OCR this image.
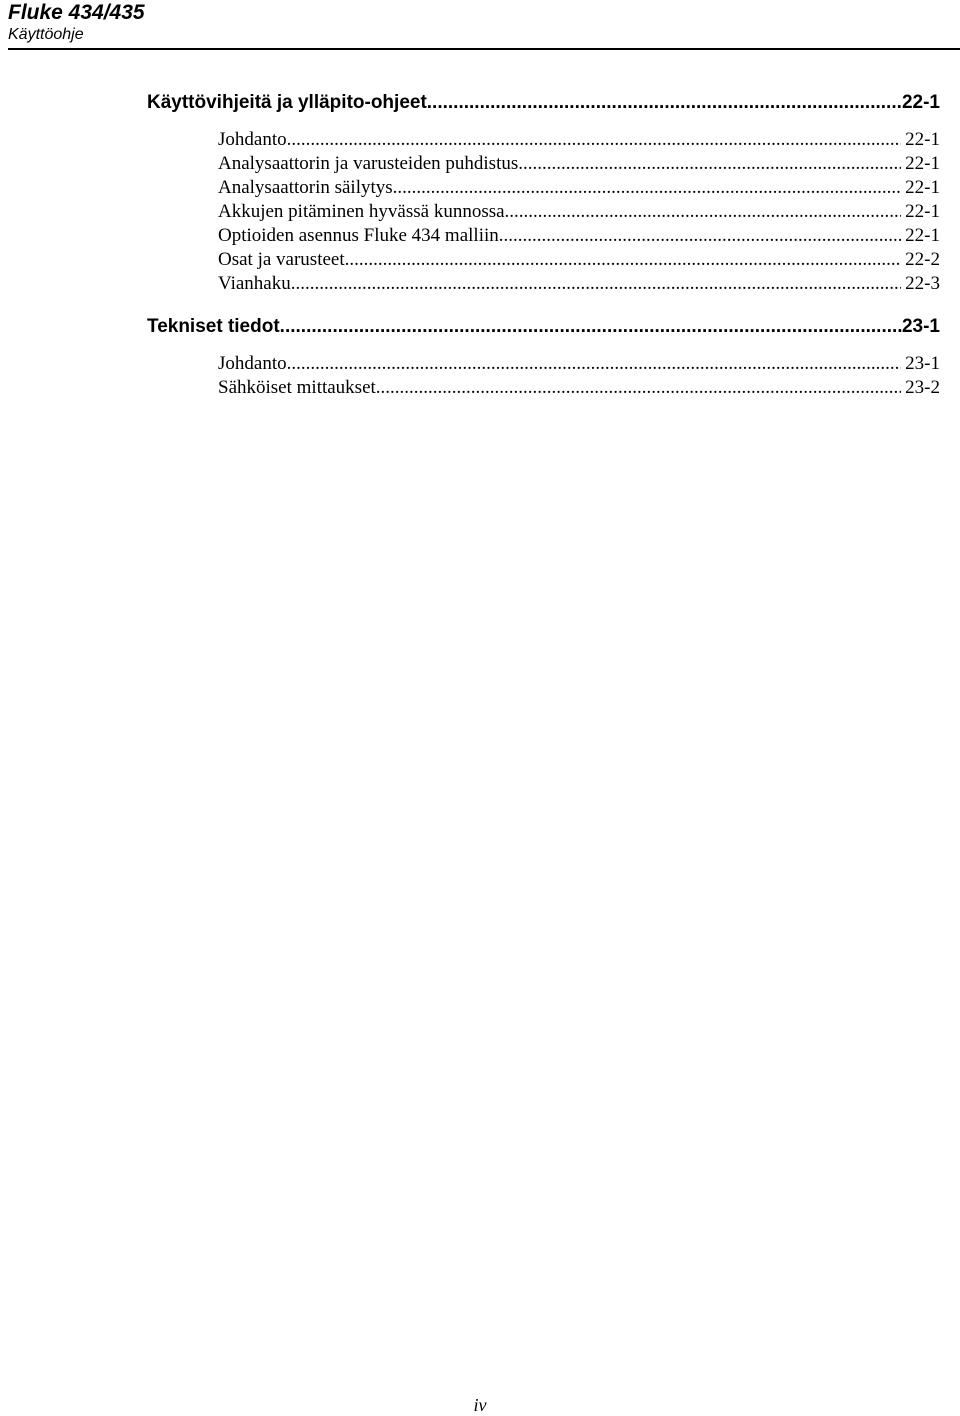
Fluke 434/435
Käyttöohje
Käyttövihjeitä ja ylläpito-ohjeet .....	22-1
Johdanto .....	22-1
Analysaattorin ja varusteiden puhdistus .....	22-1
Analysaattorin säilytys .....	22-1
Akkujen pitäminen hyvässä kunnossa .....	22-1
Optioiden asennus Fluke 434 malliin .....	22-1
Osat ja varusteet .....	22-2
Vianhaku .....	22-3
Tekniset tiedot .....	23-1
Johdanto .....	23-1
Sähköiset mittaukset .....	23-2
iv
